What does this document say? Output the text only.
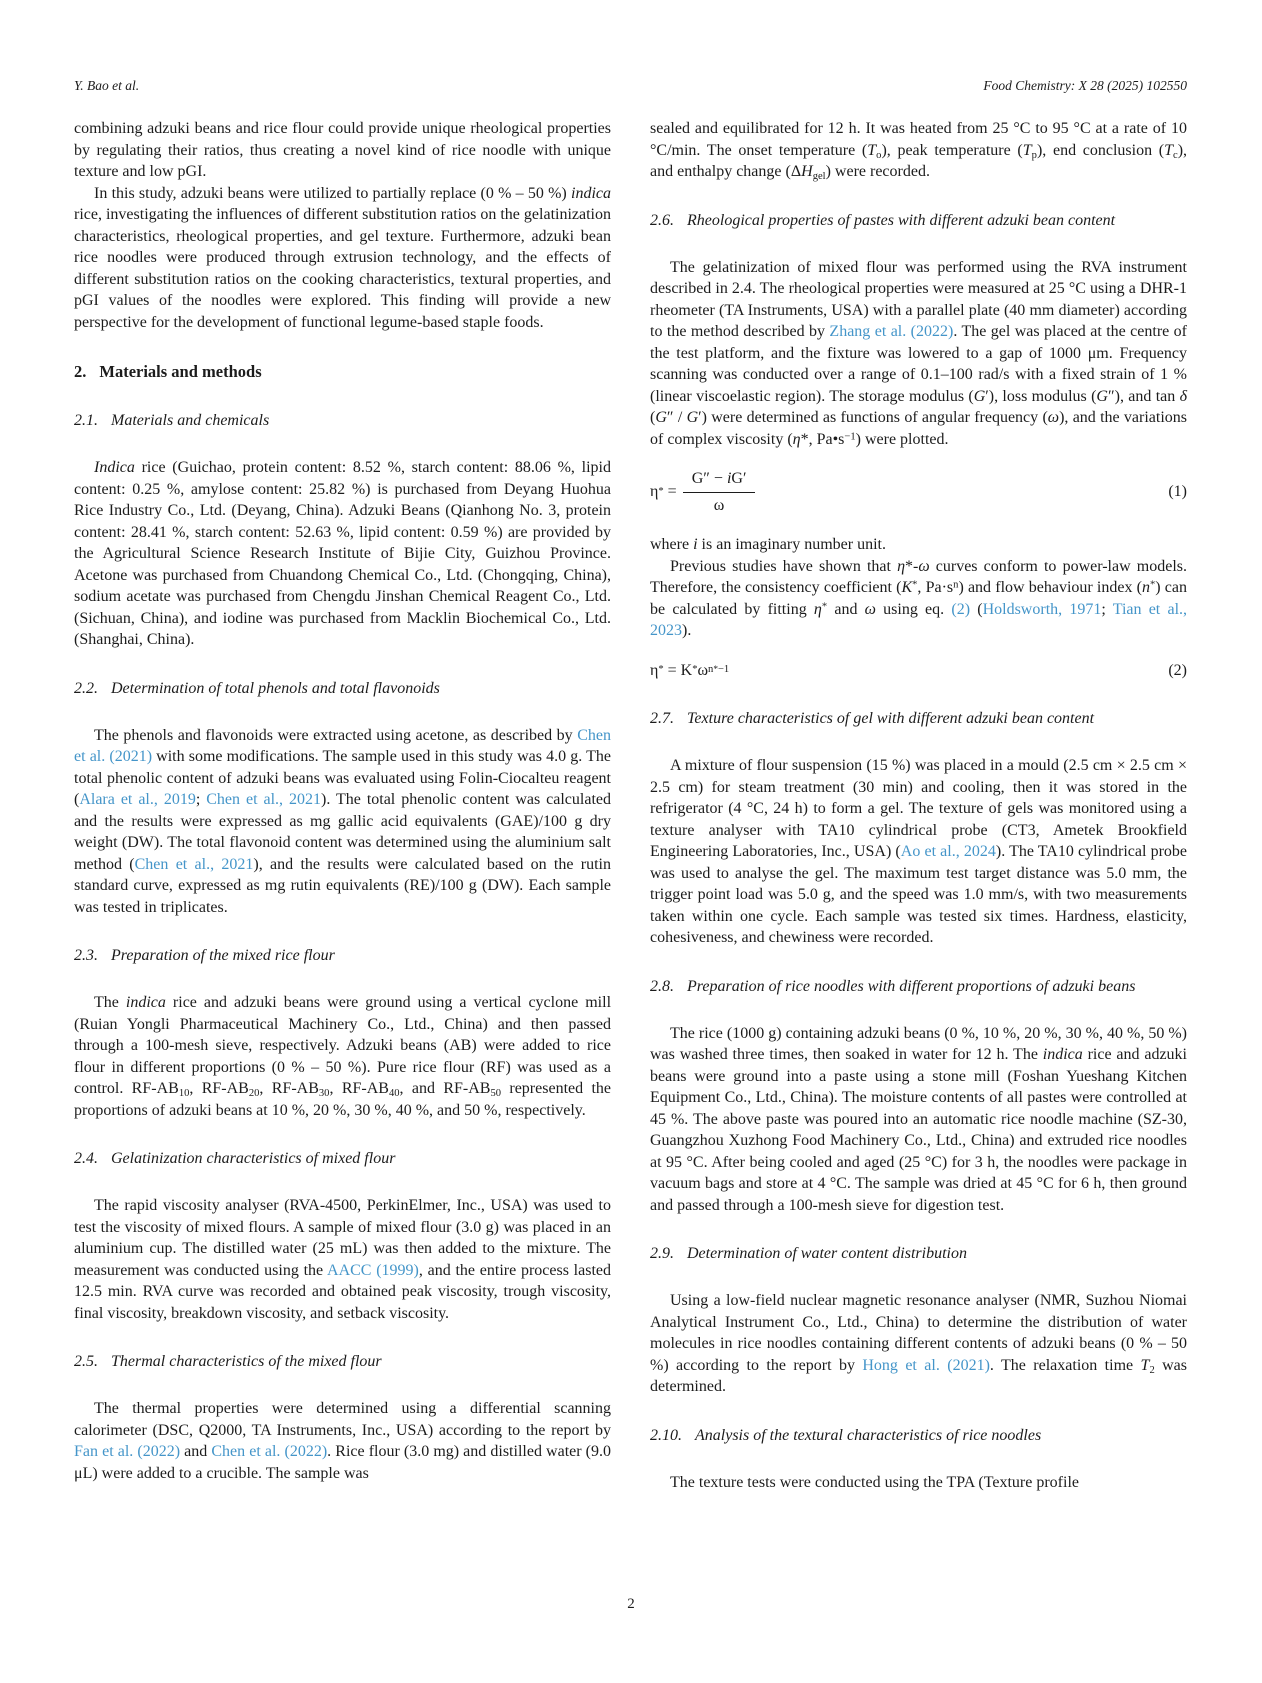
Y. Bao et al.	Food Chemistry: X 28 (2025) 102550

combining adzuki beans and rice flour could provide unique rheological properties by regulating their ratios, thus creating a novel kind of rice noodle with unique texture and low pGI.

In this study, adzuki beans were utilized to partially replace (0 % – 50 %) indica rice, investigating the influences of different substitution ratios on the gelatinization characteristics, rheological properties, and gel texture. Furthermore, adzuki bean rice noodles were produced through extrusion technology, and the effects of different substitution ratios on the cooking characteristics, textural properties, and pGI values of the noodles were explored. This finding will provide a new perspective for the development of functional legume-based staple foods.

2. Materials and methods
2.1. Materials and chemicals

Indica rice (Guichao, protein content: 8.52 %, starch content: 88.06 %, lipid content: 0.25 %, amylose content: 25.82 %) is purchased from Deyang Huohua Rice Industry Co., Ltd. (Deyang, China). Adzuki Beans (Qianhong No. 3, protein content: 28.41 %, starch content: 52.63 %, lipid content: 0.59 %) are provided by the Agricultural Science Research Institute of Bijie City, Guizhou Province. Acetone was purchased from Chuandong Chemical Co., Ltd. (Chongqing, China), sodium acetate was purchased from Chengdu Jinshan Chemical Reagent Co., Ltd. (Sichuan, China), and iodine was purchased from Macklin Biochemical Co., Ltd. (Shanghai, China).

2.2. Determination of total phenols and total flavonoids

The phenols and flavonoids were extracted using acetone, as described by Chen et al. (2021) with some modifications. The sample used in this study was 4.0 g. The total phenolic content of adzuki beans was evaluated using Folin-Ciocalteu reagent (Alara et al., 2019; Chen et al., 2021). The total phenolic content was calculated and the results were expressed as mg gallic acid equivalents (GAE)/100 g dry weight (DW). The total flavonoid content was determined using the aluminium salt method (Chen et al., 2021), and the results were calculated based on the rutin standard curve, expressed as mg rutin equivalents (RE)/100 g (DW). Each sample was tested in triplicates.

2.3. Preparation of the mixed rice flour

The indica rice and adzuki beans were ground using a vertical cyclone mill (Ruian Yongli Pharmaceutical Machinery Co., Ltd., China) and then passed through a 100-mesh sieve, respectively. Adzuki beans (AB) were added to rice flour in different proportions (0 % – 50 %). Pure rice flour (RF) was used as a control. $RF-AB_{10}$, $RF-AB_{20}$, $RF-AB_{30}$, $RF-AB_{40}$, and $RF-AB_{50}$ represented the proportions of adzuki beans at 10 %, 20 %, 30 %, 40 %, and 50 %, respectively.

2.4. Gelatinization characteristics of mixed flour

The rapid viscosity analyser (RVA-4500, PerkinElmer, Inc., USA) was used to test the viscosity of mixed flours. A sample of mixed flour (3.0 g) was placed in an aluminium cup. The distilled water (25 mL) was then added to the mixture. The measurement was conducted using the AACC (1999), and the entire process lasted 12.5 min. RVA curve was recorded and obtained peak viscosity, trough viscosity, final viscosity, breakdown viscosity, and setback viscosity.

2.5. Thermal characteristics of the mixed flour

The thermal properties were determined using a differential scanning calorimeter (DSC, Q2000, TA Instruments, Inc., USA) according to the report by Fan et al. (2022) and Chen et al. (2022). Rice flour (3.0 mg) and distilled water (9.0 μL) were added to a crucible. The sample was

sealed and equilibrated for 12 h. It was heated from 25 °C to 95 °C at a rate of 10 °C/min. The onset temperature $(T_o)$, peak temperature $(T_p)$, end conclusion $(T_c)$, and enthalpy change $(\Delta H_{gel})$ were recorded.

2.6. Rheological properties of pastes with different adzuki bean content

The gelatinization of mixed flour was performed using the RVA instrument described in 2.4. The rheological properties were measured at 25 °C using a DHR-1 rheometer (TA Instruments, USA) with a parallel plate (40 mm diameter) according to the method described by Zhang et al. (2022). The gel was placed at the centre of the test platform, and the fixture was lowered to a gap of 1000 μm. Frequency scanning was conducted over a range of 0.1–100 rad/s with a fixed strain of 1 % (linear viscoelastic region). The storage modulus (G′), loss modulus (G″), and tan δ (G″ / G′) were determined as functions of angular frequency (ω), and the variations of complex viscosity (η*, $Pa•s^{-1}$) were plotted.

η * = $\frac{G'' - iG'}{\omega}$	(1)

where i is an imaginary number unit.

Previous studies have shown that η*-ω curves conform to power-law models. Therefore, the consistency coefficient (K*, $Pa\cdot s^n$) and flow behaviour index (n*) can be calculated by fitting η* and ω using eq. (2) (Holdsworth, 1971; Tian et al., 2023).

η * = K * ω n * −1	(2)
2.7. Texture characteristics of gel with different adzuki bean content

A mixture of flour suspension (15 %) was placed in a mould (2.5 cm × 2.5 cm × 2.5 cm) for steam treatment (30 min) and cooling, then it was stored in the refrigerator (4 °C, 24 h) to form a gel. The texture of gels was monitored using a texture analyser with TA10 cylindrical probe (CT3, Ametek Brookfield Engineering Laboratories, Inc., USA) (Ao et al., 2024). The TA10 cylindrical probe was used to analyse the gel. The maximum test target distance was 5.0 mm, the trigger point load was 5.0 g, and the speed was 1.0 mm/s, with two measurements taken within one cycle. Each sample was tested six times. Hardness, elasticity, cohesiveness, and chewiness were recorded.

2.8. Preparation of rice noodles with different proportions of adzuki beans

The rice (1000 g) containing adzuki beans (0 %, 10 %, 20 %, 30 %, 40 %, 50 %) was washed three times, then soaked in water for 12 h. The indica rice and adzuki beans were ground into a paste using a stone mill (Foshan Yueshang Kitchen Equipment Co., Ltd., China). The moisture contents of all pastes were controlled at 45 %. The above paste was poured into an automatic rice noodle machine (SZ-30, Guangzhou Xuzhong Food Machinery Co., Ltd., China) and extruded rice noodles at 95 °C. After being cooled and aged (25 °C) for 3 h, the noodles were package in vacuum bags and store at 4 °C. The sample was dried at 45 °C for 6 h, then ground and passed through a 100-mesh sieve for digestion test.

2.9. Determination of water content distribution

Using a low-field nuclear magnetic resonance analyser (NMR, Suzhou Niomai Analytical Instrument Co., Ltd., China) to determine the distribution of water molecules in rice noodles containing different contents of adzuki beans (0 % – 50 %) according to the report by Hong et al. (2021). The relaxation time $T_2$ was determined.

2.10. Analysis of the textural characteristics of rice noodles

The texture tests were conducted using the TPA (Texture profile

2
